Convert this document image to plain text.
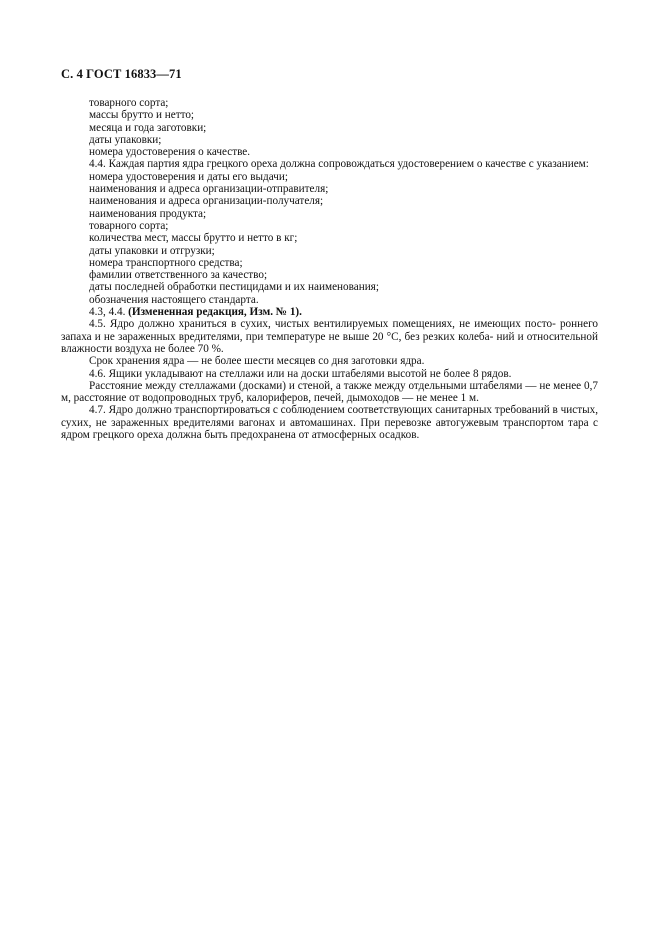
С. 4 ГОСТ 16833—71
товарного сорта;
массы брутто и нетто;
месяца и года заготовки;
даты упаковки;
номера удостоверения о качестве.
4.4. Каждая партия ядра грецкого ореха должна сопровождаться удостоверением о качестве с указанием:
номера удостоверения и даты его выдачи;
наименования и адреса организации-отправителя;
наименования и адреса организации-получателя;
наименования продукта;
товарного сорта;
количества мест, массы брутто и нетто в кг;
даты упаковки и отгрузки;
номера транспортного средства;
фамилии ответственного за качество;
даты последней обработки пестицидами и их наименования;
обозначения настоящего стандарта.
4.3, 4.4. (Измененная редакция, Изм. № 1).
4.5. Ядро должно храниться в сухих, чистых вентилируемых помещениях, не имеющих посто- роннего запаха и не зараженных вредителями, при температуре не выше 20 °С, без резких колеба- ний и относительной влажности воздуха не более 70 %.
Срок хранения ядра — не более шести месяцев со дня заготовки ядра.
4.6. Ящики укладывают на стеллажи или на доски штабелями высотой не более 8 рядов.
Расстояние между стеллажами (досками) и стеной, а также между отдельными штабелями — не менее 0,7 м, расстояние от водопроводных труб, калориферов, печей, дымоходов — не менее 1 м.
4.7. Ядро должно транспортироваться с соблюдением соответствующих санитарных требований в чистых, сухих, не зараженных вредителями вагонах и автомашинах. При перевозке автогужевым транспортом тара с ядром грецкого ореха должна быть предохранена от атмосферных осадков.
